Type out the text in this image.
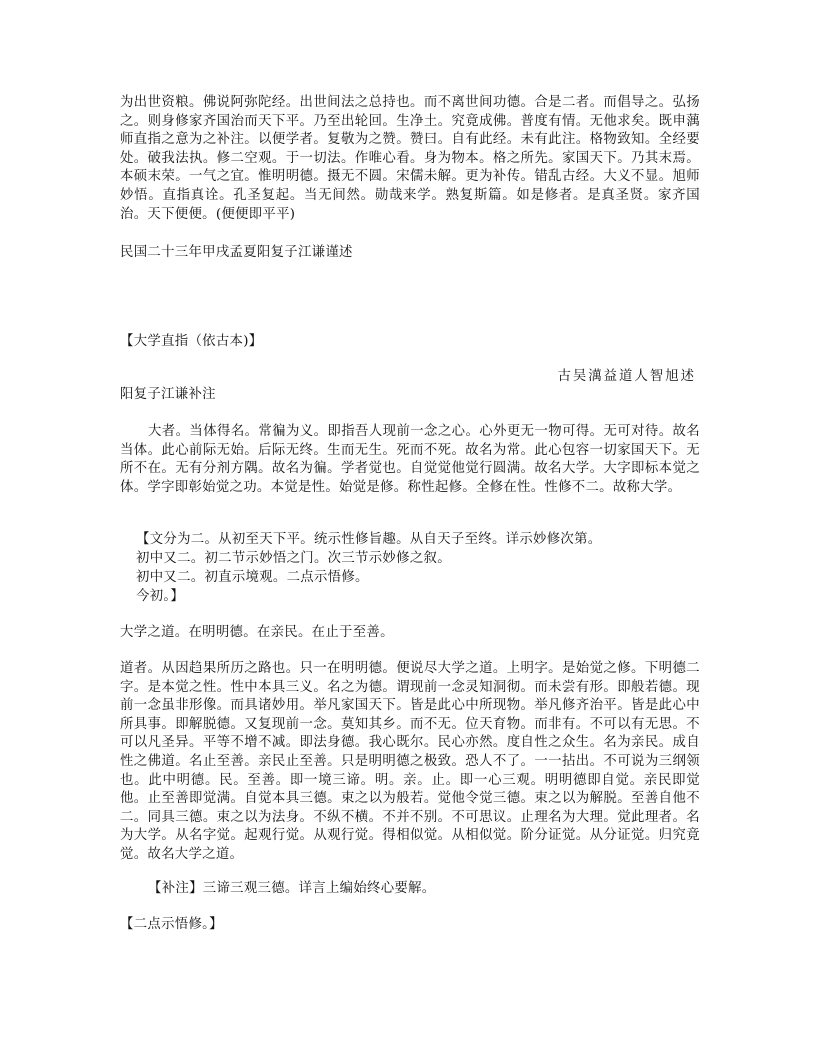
为出世资粮。佛说阿弥陀经。出世间法之总持也。而不离世间功德。合是二者。而倡导之。弘扬之。则身修家齐国治而天下平。乃至出轮回。生净土。究竟成佛。普度有情。无他求矣。既申蕅师直指之意为之补注。以便学者。复敬为之赞。赞曰。自有此经。未有此注。格物致知。全经要处。破我法执。修二空观。于一切法。作唯心看。身为物本。格之所先。家国天下。乃其末焉。本硕末荣。一气之宜。惟明明德。摄无不圆。宋儒未解。更为补传。错乱古经。大义不显。旭师妙悟。直指真诠。孔圣复起。当无间然。勋哉来学。熟复斯篇。如是修者。是真圣贤。家齐国治。天下便便。(便便即平平)

民国二十三年甲戌孟夏阳复子江谦谨述

【大学直指（依古本)】

古吴澫益道人智旭述

阳复子江谦补注

大者。当体得名。常徧为义。即指吾人现前一念之心。心外更无一物可得。无可对待。故名当体。此心前际无始。后际无终。生而无生。死而不死。故名为常。此心包容一切家国天下。无所不在。无有分剂方隅。故名为徧。学者觉也。自觉觉他觉行圆满。故名大学。大字即标本觉之体。学字即彰始觉之功。本觉是性。始觉是修。称性起修。全修在性。性修不二。故称大学。

【文分为二。从初至天下平。统示性修旨趣。从自天子至终。详示妙修次第。

初中又二。初二节示妙悟之门。次三节示妙修之叙。

初中又二。初直示境观。二点示悟修。

今初。】

大学之道。在明明德。在亲民。在止于至善。

道者。从因趋果所历之路也。只一在明明德。便说尽大学之道。上明字。是始觉之修。下明德二字。是本觉之性。性中本具三义。名之为德。谓现前一念灵知洞彻。而未尝有形。即般若德。现前一念虽非形像。而具诸妙用。举凡家国天下。皆是此心中所现物。举凡修齐治平。皆是此心中所具事。即解脱德。又复现前一念。莫知其乡。而不无。位天育物。而非有。不可以有无思。不可以凡圣异。平等不增不减。即法身德。我心既尔。民心亦然。度自性之众生。名为亲民。成自性之佛道。名止至善。亲民止至善。只是明明德之极致。恐人不了。一一拈出。不可说为三纲领也。此中明德。民。至善。即一境三谛。明。亲。止。即一心三观。明明德即自觉。亲民即觉他。止至善即觉满。自觉本具三德。束之以为般若。觉他令觉三德。束之以为解脱。至善自他不二。同具三德。束之以为法身。不纵不横。不并不别。不可思议。止理名为大理。觉此理者。名为大学。从名字觉。起观行觉。从观行觉。得相似觉。从相似觉。阶分证觉。从分证觉。归究竟觉。故名大学之道。

【补注】三谛三观三德。详言上编始终心要解。

【二点示悟修。】
